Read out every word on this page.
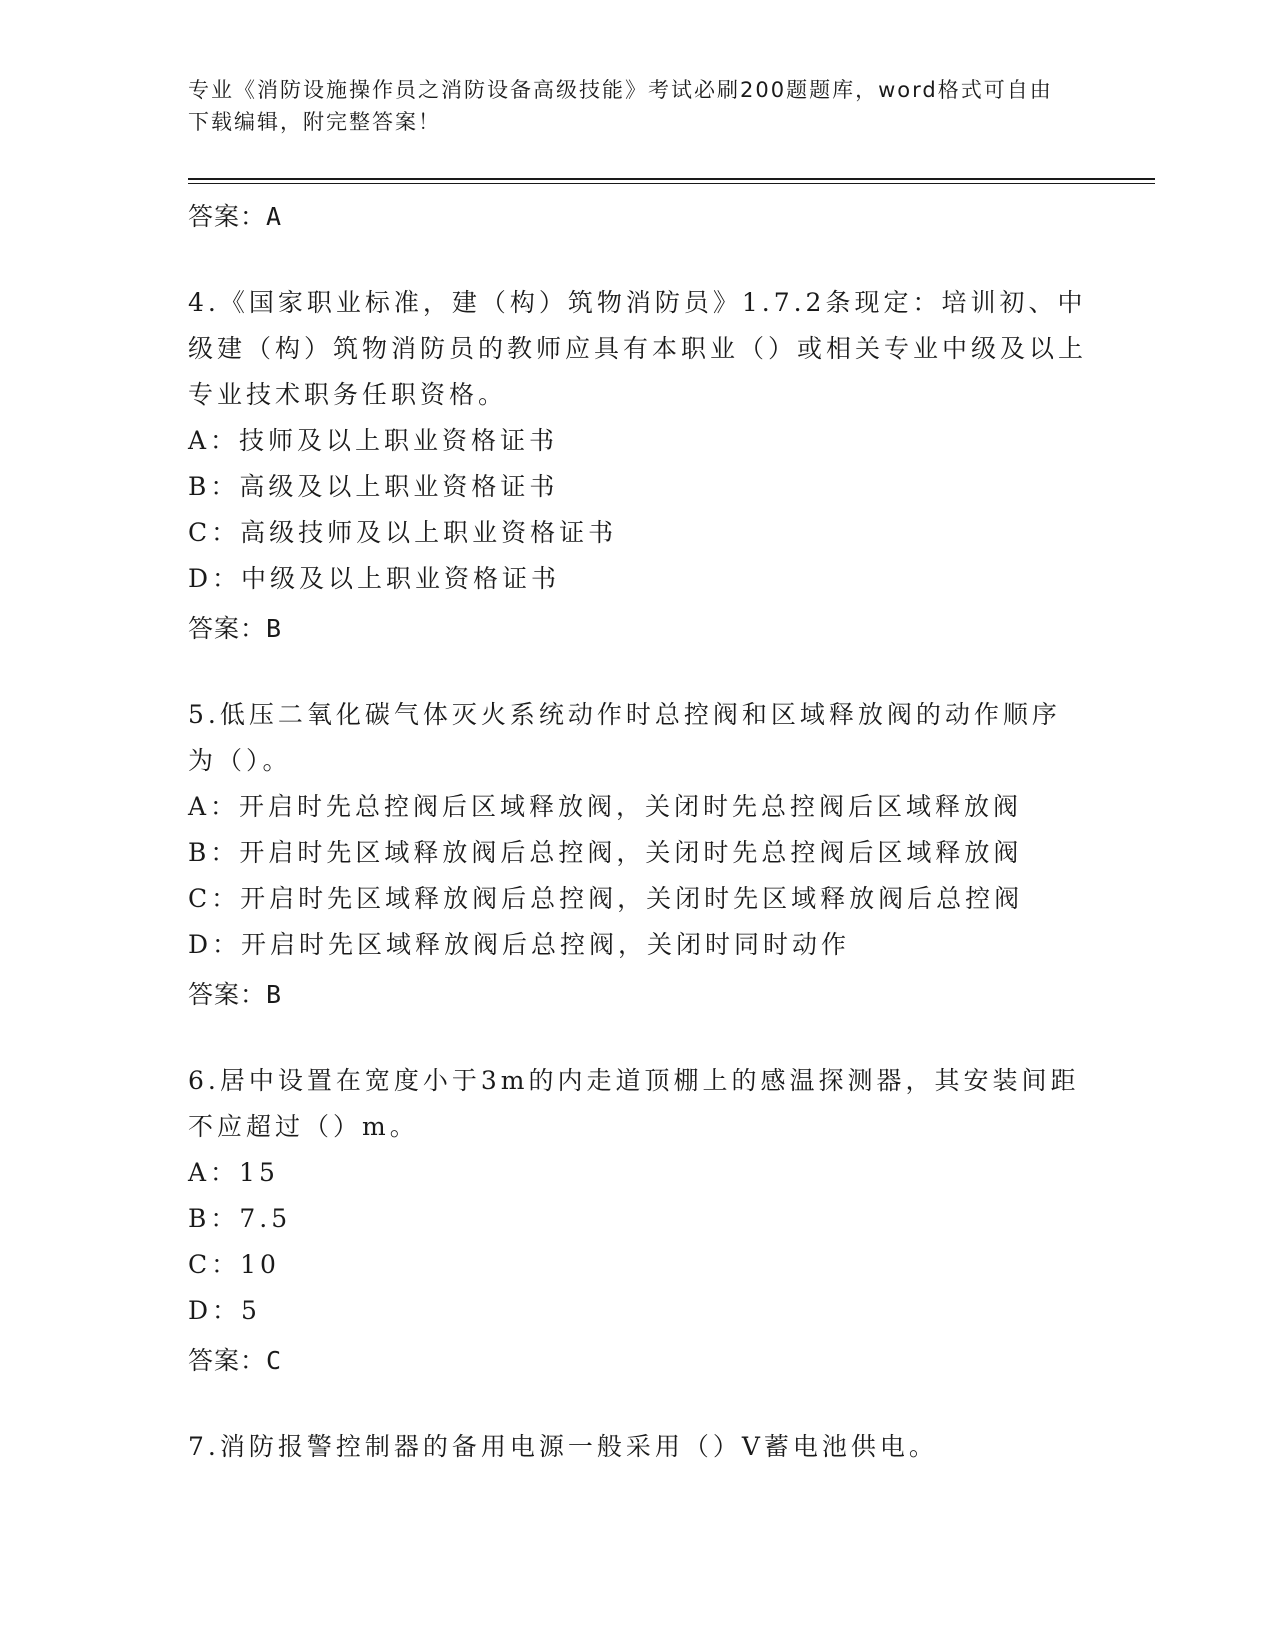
专业《消防设施操作员之消防设备高级技能》考试必刷200题题库，word格式可自由下载编辑，附完整答案！
答案：A
4.《国家职业标准，建（构）筑物消防员》1.7.2条现定：培训初、中级建（构）筑物消防员的教师应具有本职业（）或相关专业中级及以上专业技术职务任职资格。
A：技师及以上职业资格证书
B：高级及以上职业资格证书
C：高级技师及以上职业资格证书
D：中级及以上职业资格证书
答案：B
5.低压二氧化碳气体灭火系统动作时总控阀和区域释放阀的动作顺序为（）。
A：开启时先总控阀后区域释放阀，关闭时先总控阀后区域释放阀
B：开启时先区域释放阀后总控阀，关闭时先总控阀后区域释放阀
C：开启时先区域释放阀后总控阀，关闭时先区域释放阀后总控阀
D：开启时先区域释放阀后总控阀，关闭时同时动作
答案：B
6.居中设置在宽度小于3m的内走道顶棚上的感温探测器，其安装间距不应超过（）m。
A：15
B：7.5
C：10
D：5
答案：C
7.消防报警控制器的备用电源一般采用（）V蓄电池供电。
